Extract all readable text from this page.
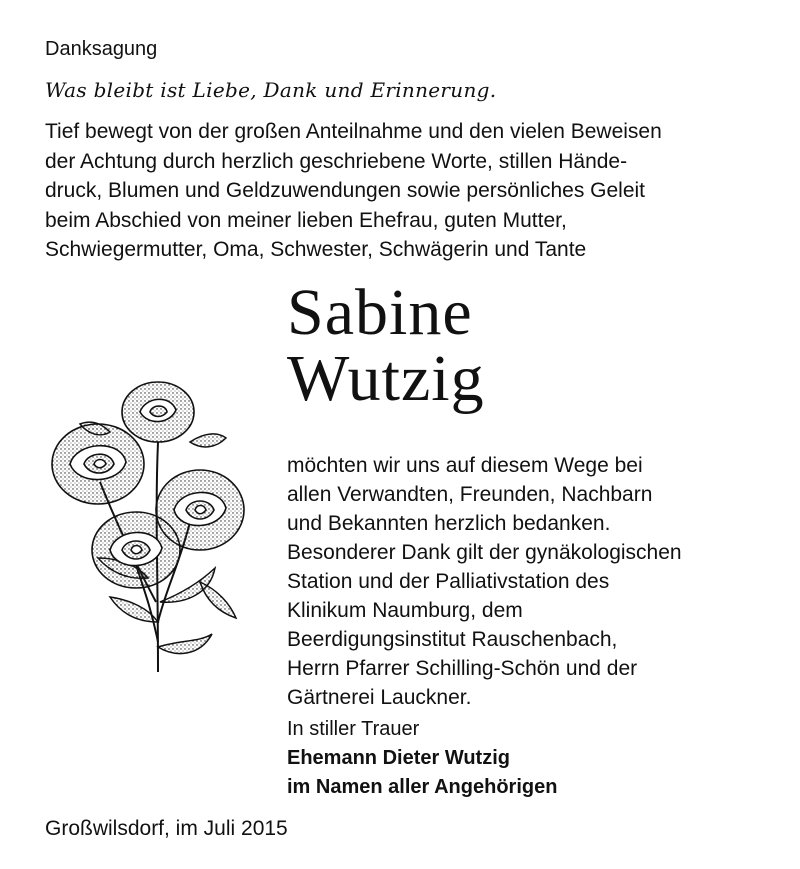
Danksagung
Was bleibt ist Liebe, Dank und Erinnerung.
Tief bewegt von der großen Anteilnahme und den vielen Beweisen
der Achtung durch herzlich geschriebene Worte, stillen Hände-
druck, Blumen und Geldzuwendungen sowie persönliches Geleit
beim Abschied von meiner lieben Ehefrau, guten Mutter,
Schwiegermutter, Oma, Schwester, Schwägerin und Tante
Sabine
Wutzig
möchten wir uns auf diesem Wege bei
allen Verwandten, Freunden, Nachbarn
und Bekannten herzlich bedanken.
Besonderer Dank gilt der gynäkologischen
Station und der Palliativstation des
Klinikum Naumburg, dem
Beerdigungsinstitut Rauschenbach,
Herrn Pfarrer Schilling-Schön und der
Gärtnerei Lauckner.
In stiller Trauer
Ehemann Dieter Wutzig
im Namen aller Angehörigen
Großwilsdorf, im Juli 2015
